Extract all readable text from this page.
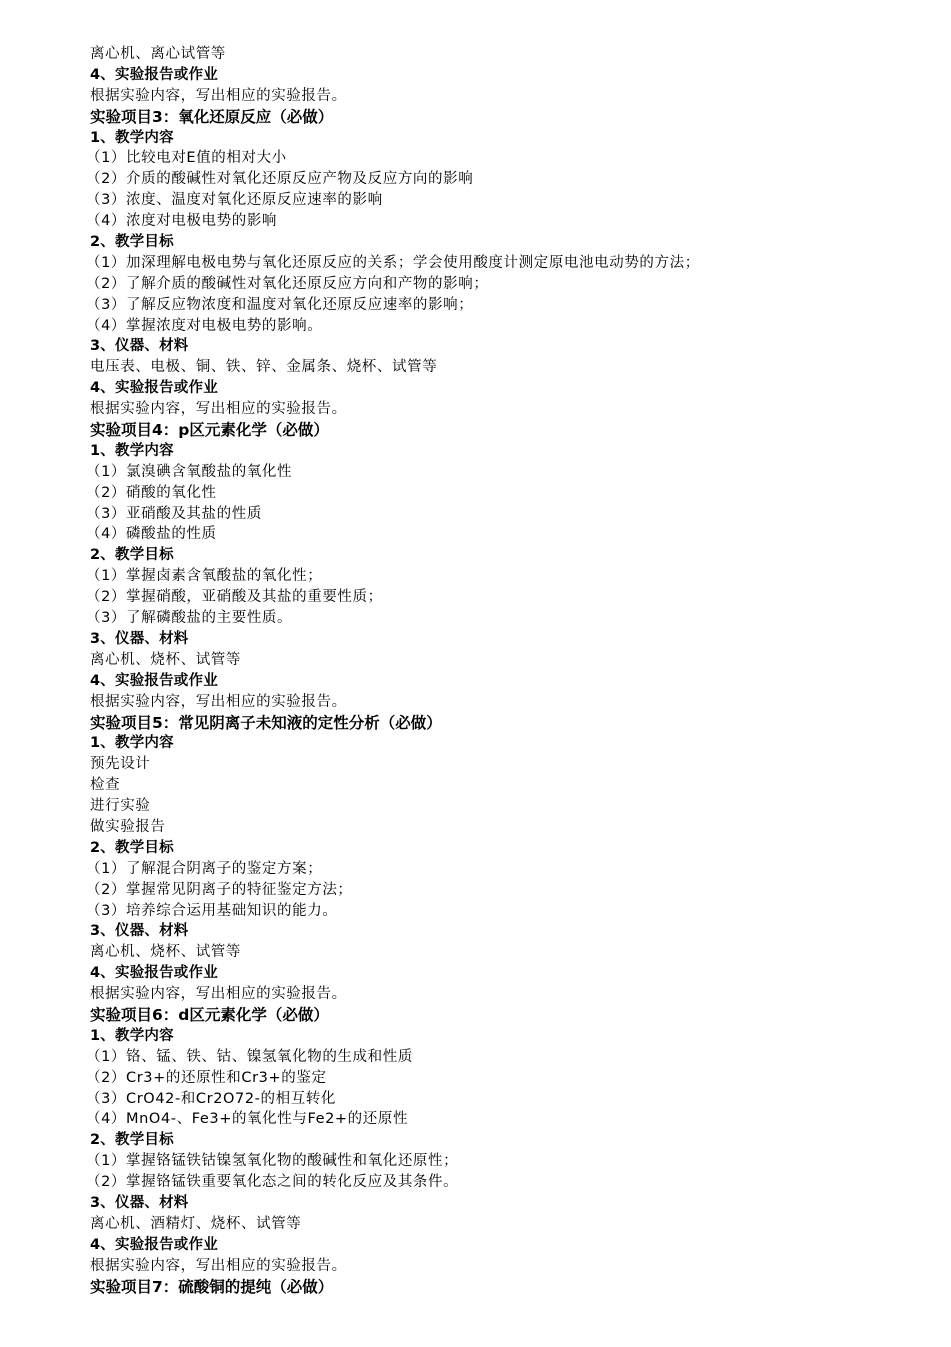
离心机、离心试管等
4、实验报告或作业
根据实验内容，写出相应的实验报告。
实验项目3：氧化还原反应（必做）
1、教学内容
（1）比较电对E值的相对大小
（2）介质的酸碱性对氧化还原反应产物及反应方向的影响
（3）浓度、温度对氧化还原反应速率的影响
（4）浓度对电极电势的影响
2、教学目标
（1）加深理解电极电势与氧化还原反应的关系；学会使用酸度计测定原电池电动势的方法；
（2）了解介质的酸碱性对氧化还原反应方向和产物的影响；
（3）了解反应物浓度和温度对氧化还原反应速率的影响；
（4）掌握浓度对电极电势的影响。
3、仪器、材料
电压表、电极、铜、铁、锌、金属条、烧杯、试管等
4、实验报告或作业
根据实验内容，写出相应的实验报告。
实验项目4：p区元素化学（必做）
1、教学内容
（1）氯溴碘含氧酸盐的氧化性
（2）硝酸的氧化性
（3）亚硝酸及其盐的性质
（4）磷酸盐的性质
2、教学目标
（1）掌握卤素含氧酸盐的氧化性；
（2）掌握硝酸，亚硝酸及其盐的重要性质；
（3）了解磷酸盐的主要性质。
3、仪器、材料
离心机、烧杯、试管等
4、实验报告或作业
根据实验内容，写出相应的实验报告。
实验项目5：常见阴离子未知液的定性分析（必做）
1、教学内容
预先设计
检查
进行实验
做实验报告
2、教学目标
（1）了解混合阴离子的鉴定方案；
（2）掌握常见阴离子的特征鉴定方法；
（3）培养综合运用基础知识的能力。
3、仪器、材料
离心机、烧杯、试管等
4、实验报告或作业
根据实验内容，写出相应的实验报告。
实验项目6：d区元素化学（必做）
1、教学内容
（1）铬、锰、铁、钴、镍氢氧化物的生成和性质
（2）Cr3+的还原性和Cr3+的鉴定
（3）CrO42-和Cr2O72-的相互转化
（4）MnO4-、Fe3+的氧化性与Fe2+的还原性
2、教学目标
（1）掌握铬锰铁钴镍氢氧化物的酸碱性和氧化还原性；
（2）掌握铬锰铁重要氧化态之间的转化反应及其条件。
3、仪器、材料
离心机、酒精灯、烧杯、试管等
4、实验报告或作业
根据实验内容，写出相应的实验报告。
实验项目7：硫酸铜的提纯（必做）
